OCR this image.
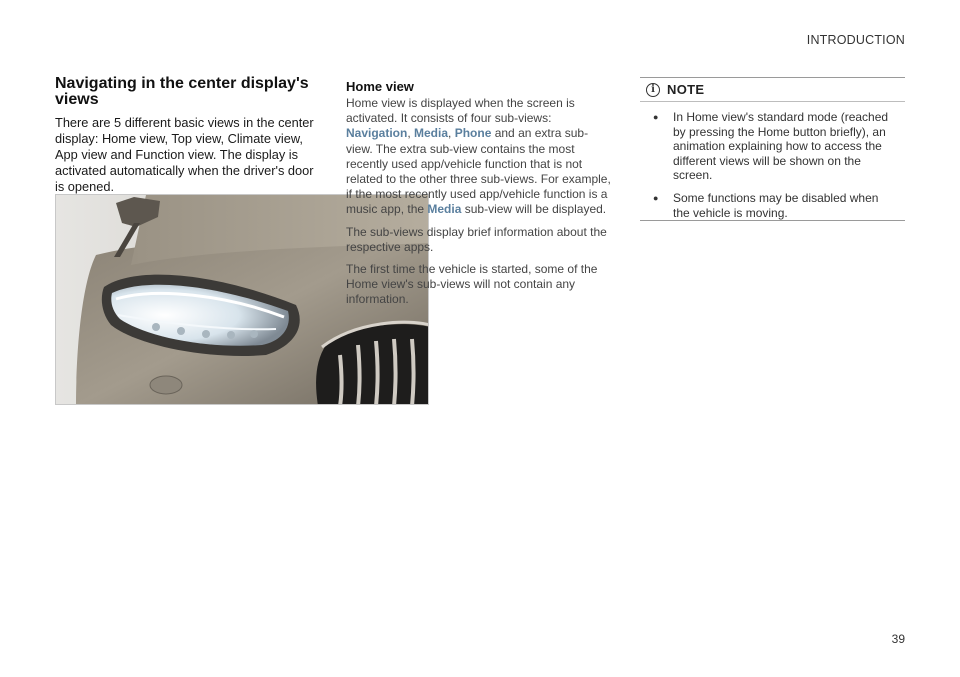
INTRODUCTION
Navigating in the center display's views

There are 5 different basic views in the center display: Home view, Top view, Climate view, App view and Function view. The display is activated automatically when the driver's door is opened.

Home view

Home view is displayed when the screen is activated. It consists of four sub-views: Navigation, Media, Phone and an extra sub-view. The extra sub-view contains the most recently used app/vehicle function that is not related to the other three sub-views. For example, if the most recently used app/vehicle function is a music app, the Media sub-view will be displayed.

The sub-views display brief information about the respective apps.

The first time the vehicle is started, some of the Home view's sub-views will not contain any information.

i NOTE
●	In Home view's standard mode (reached by pressing the Home button briefly), an animation explaining how to access the different views will be shown on the screen.
●	Some functions may be disabled when the vehicle is moving.
39
